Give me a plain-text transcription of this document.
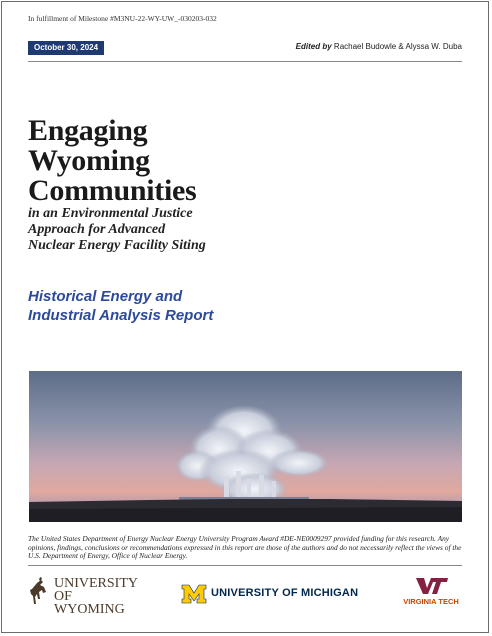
In fulfillment of Milestone #M3NU-22-WY-UW_-030203-032
October 30, 2024	Edited by Rachael Budowle & Alyssa W. Duba
Engaging
Wyoming
Communities
in an Environmental Justice
Approach for Advanced
Nuclear Energy Facility Siting
Historical Energy and
Industrial Analysis Report
The United States Department of Energy Nuclear Energy University Program Award #DE-NE0009297 provided funding for this research. Any opinions, findings, conclusions or recommendations expressed in this report are those of the authors and do not necessarily reflect the views of the U.S. Department of Energy, Office of Nuclear Energy.
UNIVERSITY
OF WYOMING
UNIVERSITY OF MICHIGAN
VIRGINIA TECH
